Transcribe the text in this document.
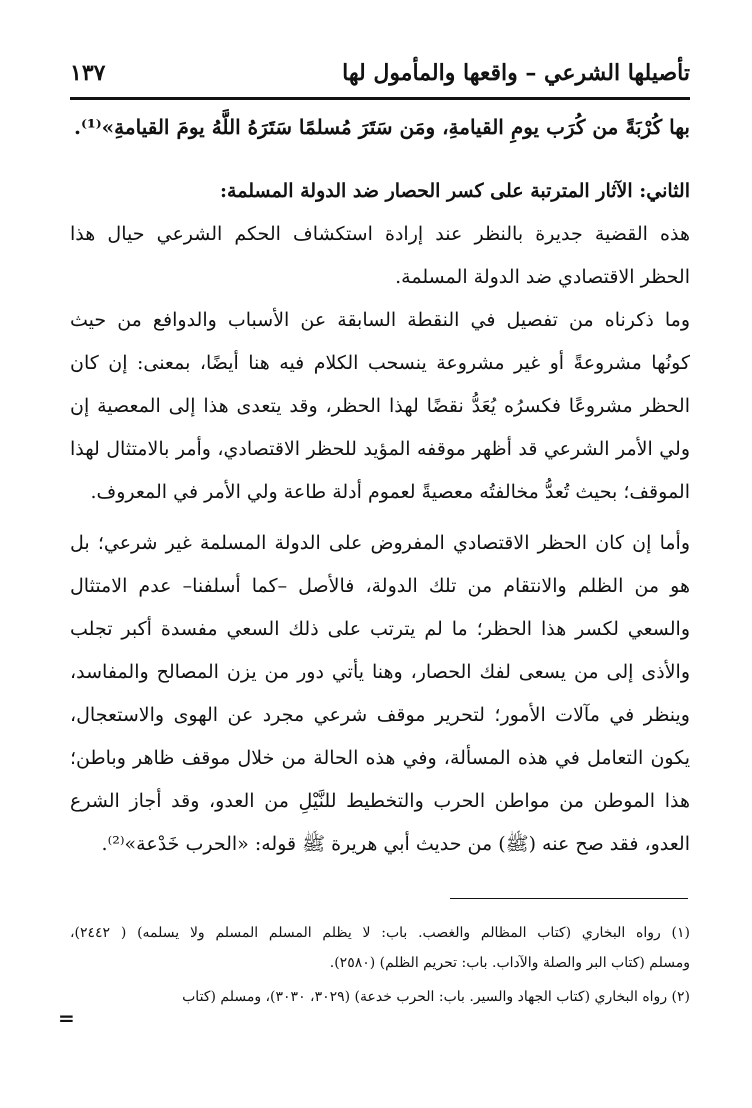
تأصيلها الشرعي – واقعها والمأمول لها
١٣٧

بها كُرْبَةً من كُرَب يومِ القيامةِ، ومَن سَتَرَ مُسلمًا سَتَرَهُ اللَّهُ يومَ القيامةِ»⁽¹⁾.

الثاني: الآثار المترتبة على كسر الحصار ضد الدولة المسلمة:

هذه القضية جديرة بالنظر عند إرادة استكشاف الحكم الشرعي حيال هذا
الحظر الاقتصادي ضد الدولة المسلمة.

وما ذكرناه من تفصيل في النقطة السابقة عن الأسباب والدوافع من حيث
كونُها مشروعةً أو غير مشروعة ينسحب الكلام فيه هنا أيضًا، بمعنى: إن كان
الحظر مشروعًا فكسرُه يُعَدُّ نقضًا لهذا الحظر، وقد يتعدى هذا إلى المعصية إن
ولي الأمر الشرعي قد أظهر موقفه المؤيد للحظر الاقتصادي، وأمر بالامتثال لهذا
الموقف؛ بحيث تُعدُّ مخالفتُه معصيةً لعموم أدلة طاعة ولي الأمر في المعروف.

وأما إن كان الحظر الاقتصادي المفروض على الدولة المسلمة غير شرعي؛ بل
هو من الظلم والانتقام من تلك الدولة، فالأصل –كما أسلفنا– عدم الامتثال
والسعي لكسر هذا الحظر؛ ما لم يترتب على ذلك السعي مفسدة أكبر تجلب
والأذى إلى من يسعى لفك الحصار، وهنا يأتي دور من يزن المصالح والمفاسد،
وينظر في مآلات الأمور؛ لتحرير موقف شرعي مجرد عن الهوى والاستعجال،
يكون التعامل في هذه المسألة، وفي هذه الحالة من خلال موقف ظاهر وباطن؛
هذا الموطن من مواطن الحرب والتخطيط للنَّيْلِ من العدو، وقد أجاز الشرع
العدو، فقد صح عنه (ﷺ) من حديث أبي هريرة ﷺ قوله: «الحرب خَدْعة»⁽²⁾.

(١) رواه البخاري (كتاب المظالم والغصب. باب: لا يظلم المسلم المسلم ولا يسلمه) ( ٢٤٤٢)،
ومسلم (كتاب البر والصلة والآداب. باب: تحريم الظلم) (٢٥٨٠).
(٢) رواه البخاري (كتاب الجهاد والسير. باب: الحرب خدعة) (٣٠٢٩، ٣٠٣٠)، ومسلم (كتاب
=
